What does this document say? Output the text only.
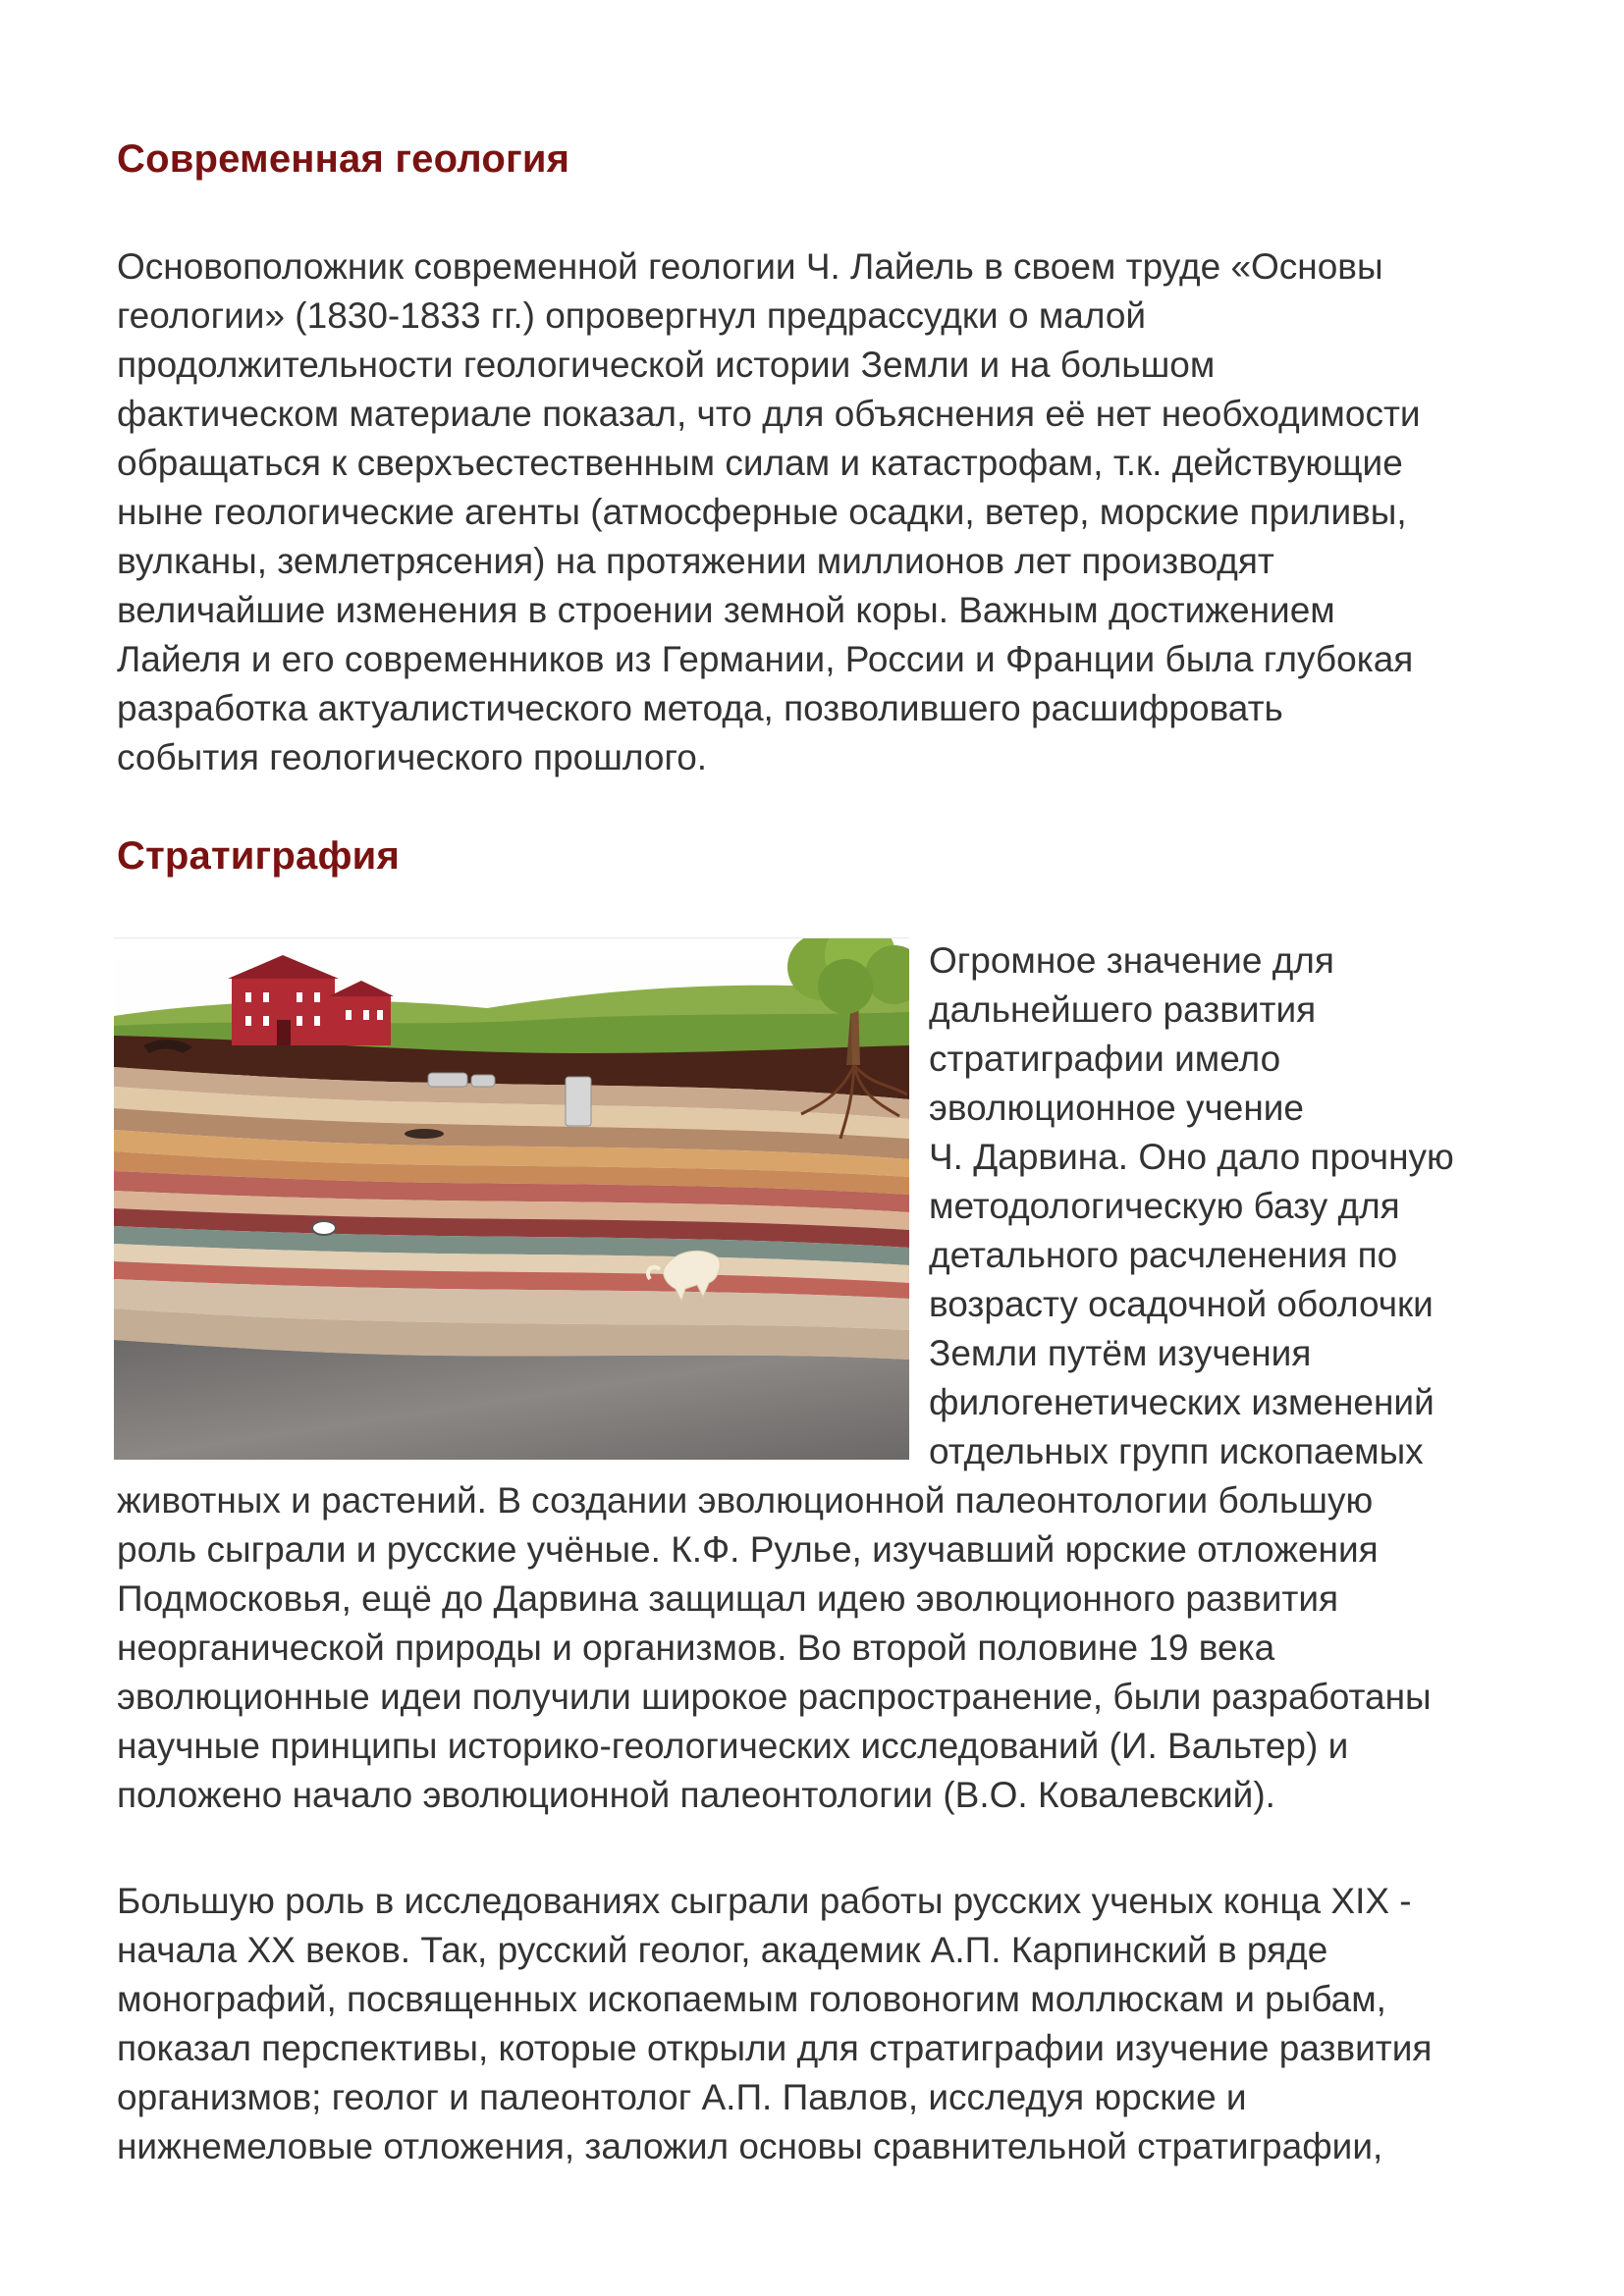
Современная геология

Основоположник современной геологии Ч. Лайель в своем труде «Основы

геологии» (1830-1833 гг.) опровергнул предрассудки о малой

продолжительности геологической истории Земли и на большом

фактическом материале показал, что для объяснения её нет необходимости

обращаться к сверхъестественным силам и катастрофам, т.к. действующие

ныне геологические агенты (атмосферные осадки, ветер, морские приливы,

вулканы, землетрясения) на протяжении миллионов лет производят

величайшие изменения в строении земной коры. Важным достижением

Лайеля и его современников из Германии, России и Франции была глубокая

разработка актуалистического метода, позволившего расшифровать

события геологического прошлого.

Стратиграфия

Огромное значение для

дальнейшего развития

стратиграфии имело

эволюционное учение

Ч. Дарвина. Оно дало прочную

методологическую базу для

детального расчленения по

возрасту осадочной оболочки

Земли путём изучения

филогенетических изменений

отдельных групп ископаемых

животных и растений. В создании эволюционной палеонтологии большую

роль сыграли и русские учёные. К.Ф. Рулье, изучавший юрские отложения

Подмосковья, ещё до Дарвина защищал идею эволюционного развития

неорганической природы и организмов. Во второй половине 19 века

эволюционные идеи получили широкое распространение, были разработаны

научные принципы историко-геологических исследований (И. Вальтер) и

положено начало эволюционной палеонтологии (В.О. Ковалевский).

Большую роль в исследованиях сыграли работы русских ученых конца XIX -

начала XX веков. Так, русский геолог, академик А.П. Карпинский в ряде

монографий, посвященных ископаемым головоногим моллюскам и рыбам,

показал перспективы, которые открыли для стратиграфии изучение развития

организмов; геолог и палеонтолог А.П. Павлов, исследуя юрские и

нижнемеловые отложения, заложил основы сравнительной стратиграфии,
